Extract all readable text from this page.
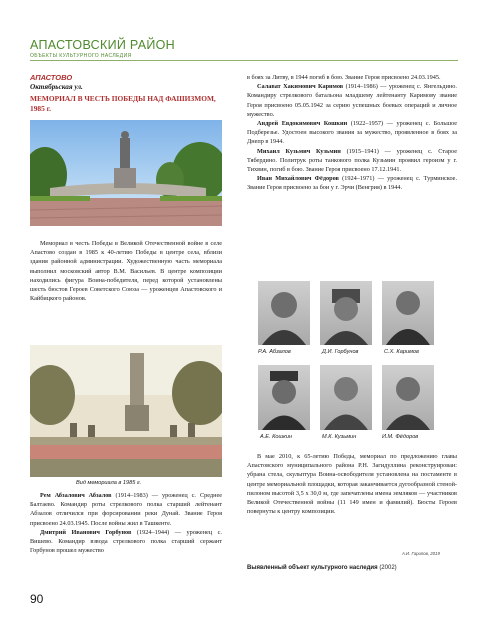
АПАСТОВСКИЙ РАЙОН
ОБЪЕКТЫ КУЛЬТУРНОГО НАСЛЕДИЯ
АПАСТОВО
Октябрьская ул.
МЕМОРИАЛ В ЧЕСТЬ ПОБЕДЫ НАД ФАШИЗМОМ, 1985 г.

Мемориал в честь Победы в Великой Отечественной войне в селе Апастово создан в 1985 к 40-летию Победы в центре села, вблизи здания районной администрации. Художественную часть мемориала выполнил московский автор В.М. Васильев. В центре композиции находились фигура Воина-победителя, перед которой установлены шесть бюстов Героев Советского Союза — уроженцев Апастовского и Кайбицкого районов.

Вид мемориала в 1985 г.

Рем Абзалович Абзалов (1914–1983) — уроженец с. Среднее Балтаево. Командир роты стрелкового полка старший лейтенант Абзалов отличился при форсировании реки Дунай. Звание Героя присвоено 24.03.1945. После войны жил в Ташкенте.

Дмитрий Иванович Горбунов (1924–1944) — уроженец с. Вишево. Командир взвода стрелкового полка старший сержант Горбунов прошел мужество

в боях за Литву, в 1944 погиб в бою. Звание Героя присвоено 24.03.1945.

Салават Хакимович Каримов (1914–1986) — уроженец с. Янгельдино. Командиру стрелкового батальона младшему лейтенанту Каримову звание Героя присвоено 05.05.1942 за серию успешных боевых операций и личное мужество.

Андрей Евдокимович Кошкин (1922–1957) — уроженец с. Большое Подберезье. Удостоен высокого звания за мужество, проявленное в боях за Днепр в 1944.

Михаил Кузьмич Кузьмин (1915–1941) — уроженец с. Старое Тябердино. Политрук роты танкового полка Кузьмин проявил героизм у г. Тихвин, погиб в бою. Звание Героя присвоено 17.12.1941.

Иван Михайлович Фёдоров (1924–1971) — уроженец с. Турминское. Звание Героя присвоено за бои у г. Эрчи (Венгрия) в 1944.

Р.А. Абзалов	Д.И. Горбунов	С.Х. Каримов
А.Е. Кошкин	М.К. Кузьмин	И.М. Фёдоров

В мае 2010, к 65-летию Победы, мемориал по предложению главы Апастовского муниципального района Р.Н. Загидуллина реконструирован: убрана стела, скульптура Воина-освободителя установлена на постаменте в центре мемориальной площадки, которая заканчивается дугообразной стеной-пилоном высотой 3,5 х 30,0 м, где запечатлены имена земляков — участников Великой Отечественной войны (11 149 имен и фамилий). Бюсты Героев повернуты к центру композиции.

А.И. Гарипов, 2019
Выявленный объект культурного наследия (2002)
90
